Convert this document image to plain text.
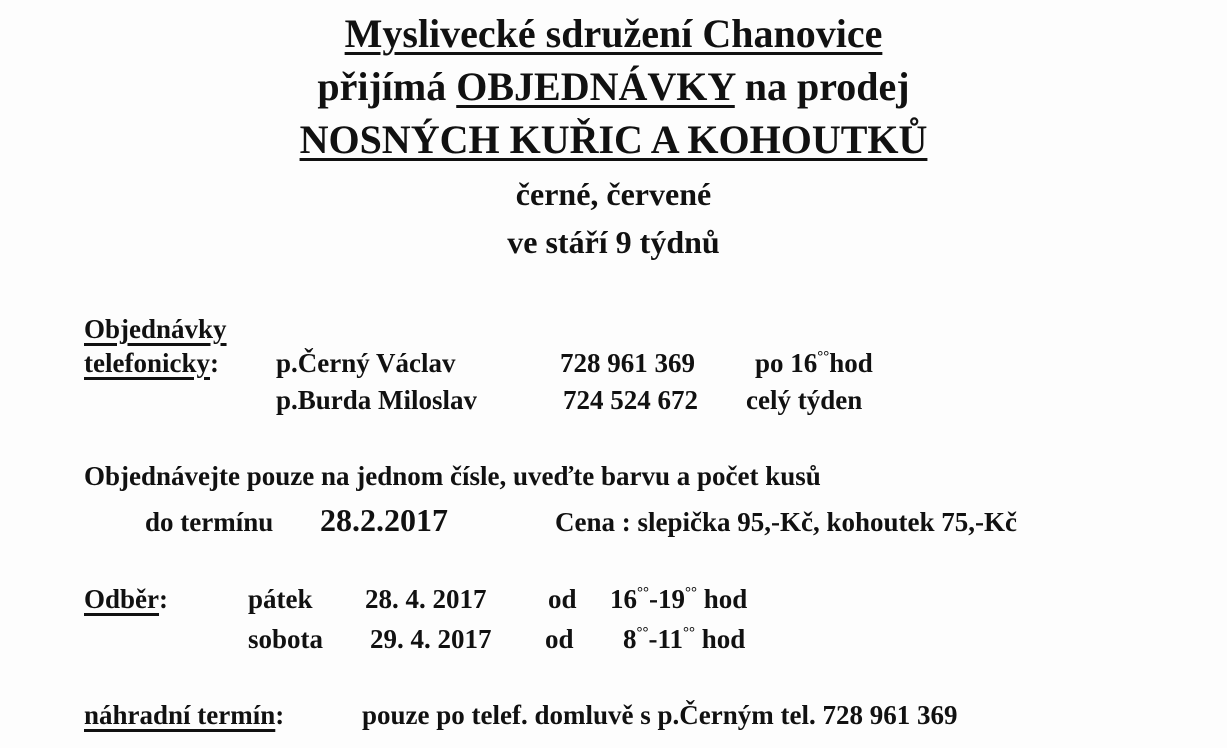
Myslivecké sdružení Chanovice
přijímá OBJEDNÁVKY na prodej
NOSNÝCH KUŘIC A KOHOUTKŮ
černé, červené
ve stáří 9 týdnů
Objednávky
telefonicky: p.Černý Václav	728 961 369 po 16°°hod
p.Burda Miloslav	724 524 672 celý týden
Objednávejte pouze na jednom čísle, uveďte barvu a počet kusů
do termínu 28.2.2017	Cena : slepička 95,-Kč, kohoutek 75,-Kč
Odběr:	pátek 28. 4. 2017 od 16°°-19°° hod
sobota 29. 4. 2017 od 8°°-11°° hod
náhradní termín:	pouze po telef. domluvě s p.Černým tel. 728 961 369
